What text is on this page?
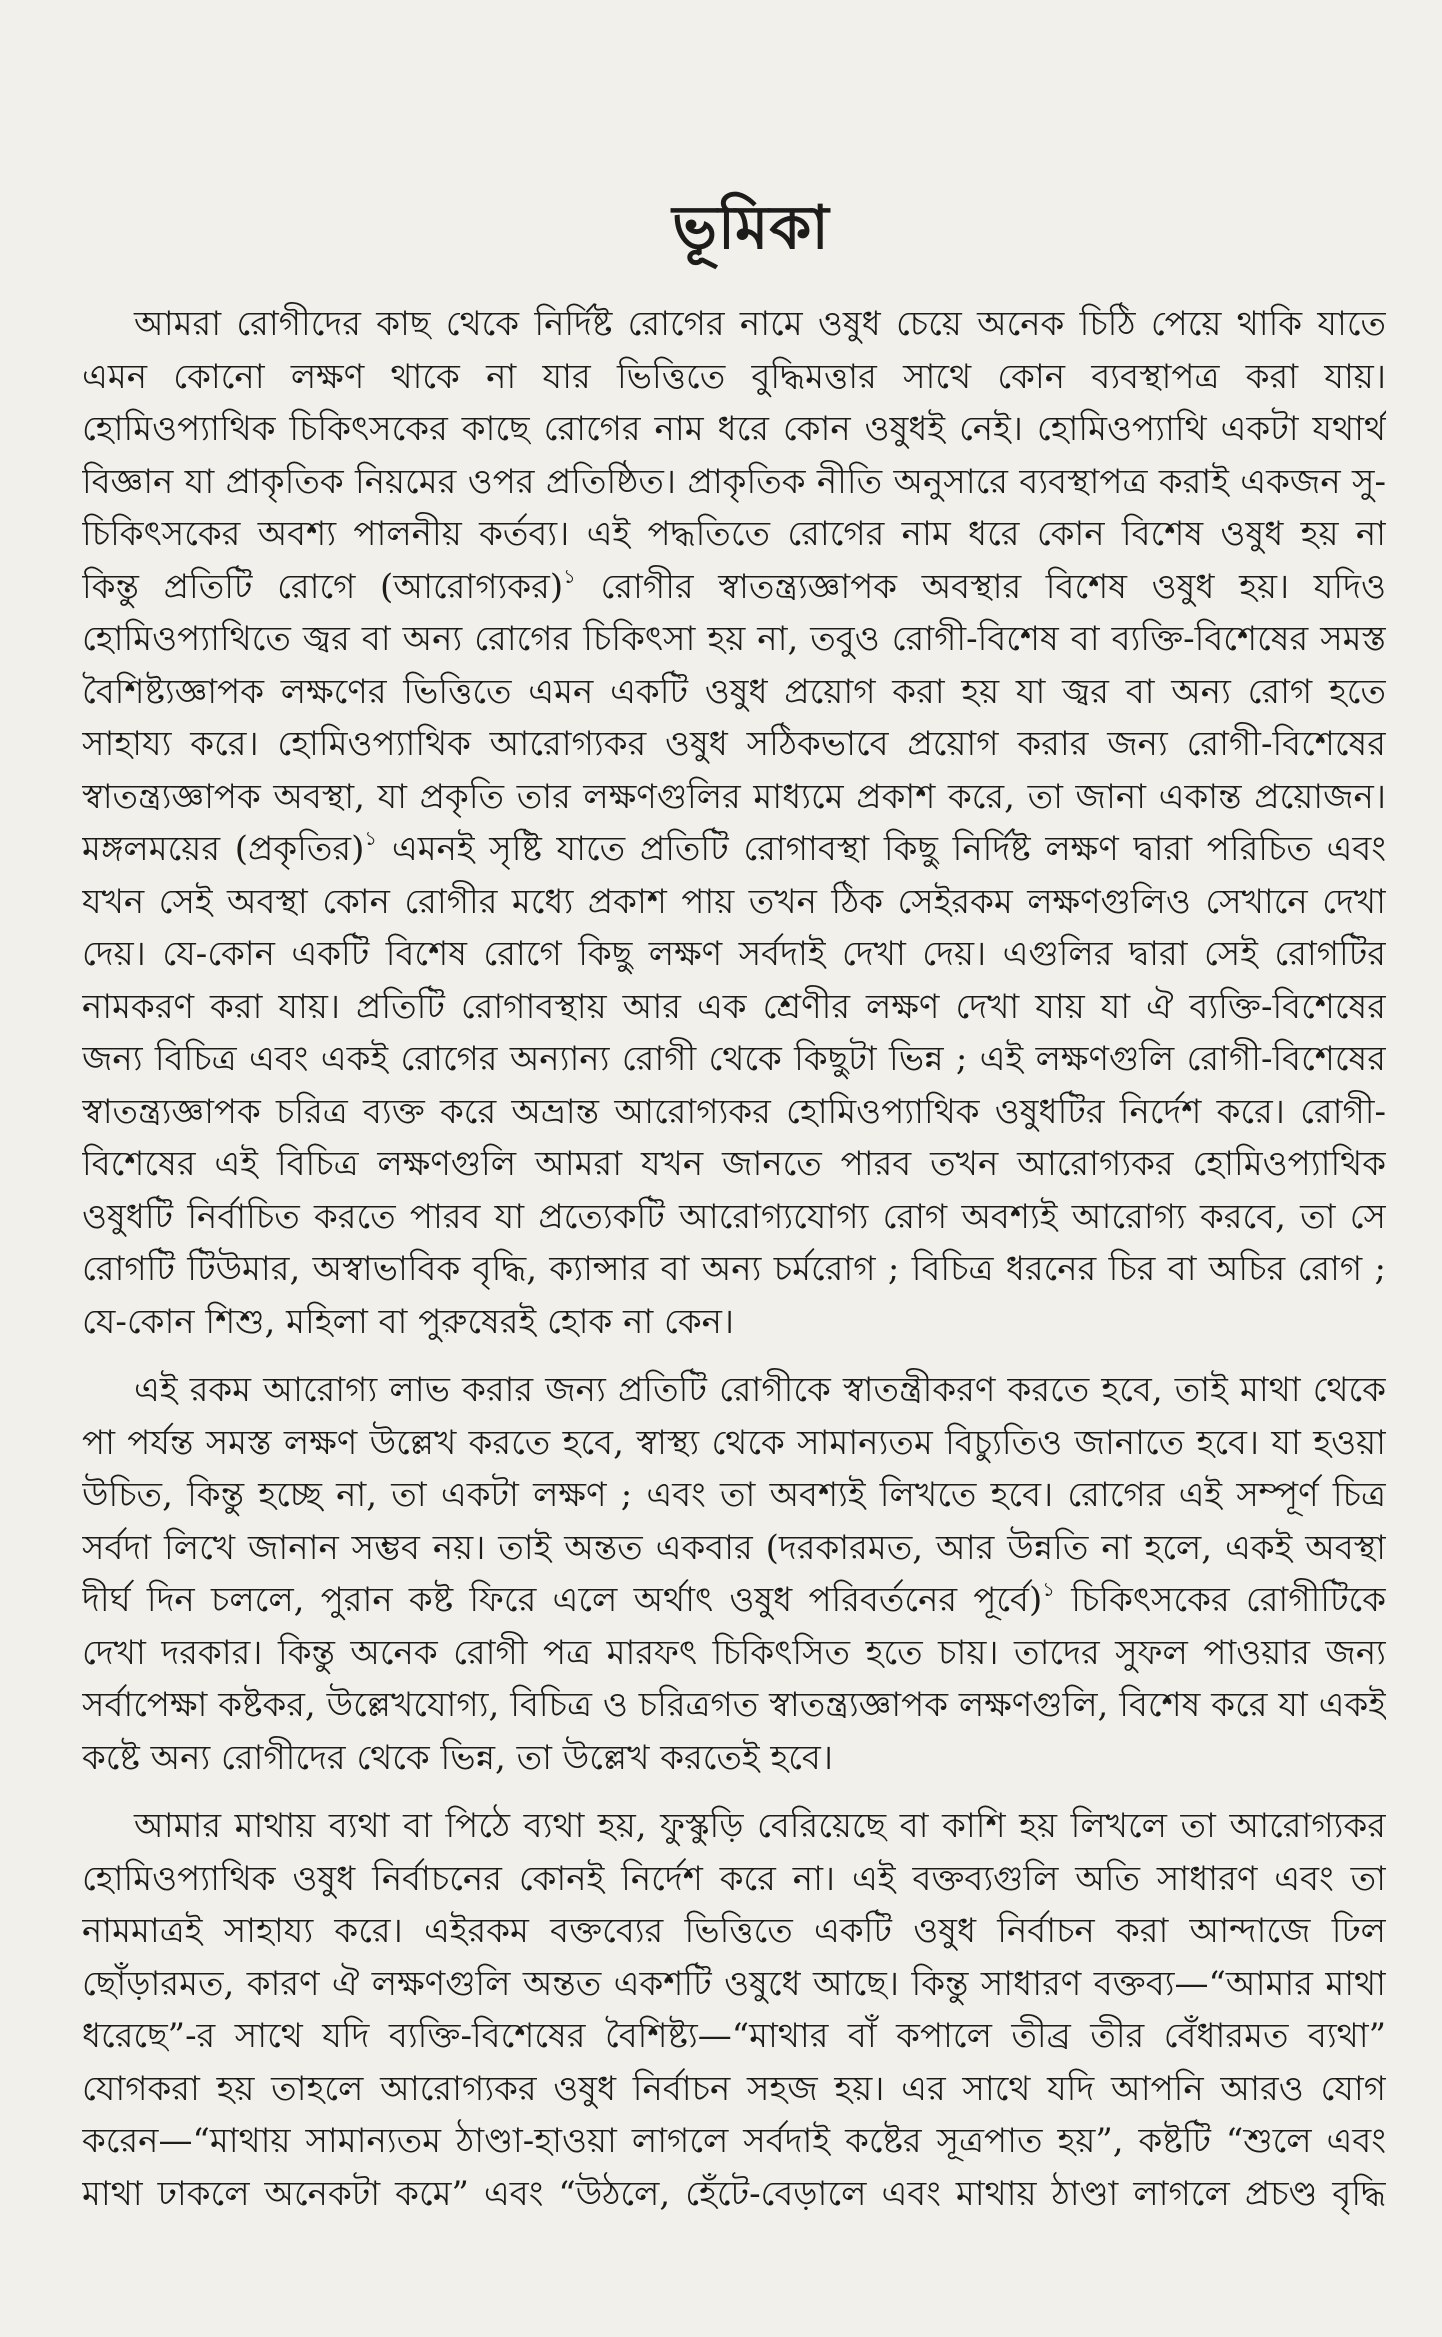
ভূমিকা
আমরা রোগীদের কাছ থেকে নির্দিষ্ট রোগের নামে ওষুধ চেয়ে অনেক চিঠি পেয়ে থাকি যাতে
এমন কোনো লক্ষণ থাকে না যার ভিত্তিতে বুদ্ধিমত্তার সাথে কোন ব্যবস্থাপত্র করা যায়।
হোমিওপ্যাথিক চিকিৎসকের কাছে রোগের নাম ধরে কোন ওষুধই নেই। হোমিওপ্যাথি একটা যথার্থ
বিজ্ঞান যা প্রাকৃতিক নিয়মের ওপর প্রতিষ্ঠিত। প্রাকৃতিক নীতি অনুসারে ব্যবস্থাপত্র করাই একজন সু-
চিকিৎসকের অবশ্য পালনীয় কর্তব্য। এই পদ্ধতিতে রোগের নাম ধরে কোন বিশেষ ওষুধ হয় না
কিন্তু প্রতিটি রোগে (আরোগ্যকর)$^১$ রোগীর স্বাতন্ত্র্যজ্ঞাপক অবস্থার বিশেষ ওষুধ হয়। যদিও
হোমিওপ্যাথিতে জ্বর বা অন্য রোগের চিকিৎসা হয় না, তবুও রোগী-বিশেষ বা ব্যক্তি-বিশেষের সমস্ত
বৈশিষ্ট্যজ্ঞাপক লক্ষণের ভিত্তিতে এমন একটি ওষুধ প্রয়োগ করা হয় যা জ্বর বা অন্য রোগ হতে
সাহায্য করে। হোমিওপ্যাথিক আরোগ্যকর ওষুধ সঠিকভাবে প্রয়োগ করার জন্য রোগী-বিশেষের
স্বাতন্ত্র্যজ্ঞাপক অবস্থা, যা প্রকৃতি তার লক্ষণগুলির মাধ্যমে প্রকাশ করে, তা জানা একান্ত প্রয়োজন।
মঙ্গলময়ের (প্রকৃতির)$^১$ এমনই সৃষ্টি যাতে প্রতিটি রোগাবস্থা কিছু নির্দিষ্ট লক্ষণ দ্বারা পরিচিত এবং
যখন সেই অবস্থা কোন রোগীর মধ্যে প্রকাশ পায় তখন ঠিক সেইরকম লক্ষণগুলিও সেখানে দেখা
দেয়। যে-কোন একটি বিশেষ রোগে কিছু লক্ষণ সর্বদাই দেখা দেয়। এগুলির দ্বারা সেই রোগটির
নামকরণ করা যায়। প্রতিটি রোগাবস্থায় আর এক শ্রেণীর লক্ষণ দেখা যায় যা ঐ ব্যক্তি-বিশেষের
জন্য বিচিত্র এবং একই রোগের অন্যান্য রোগী থেকে কিছুটা ভিন্ন ; এই লক্ষণগুলি রোগী-বিশেষের
স্বাতন্ত্র্যজ্ঞাপক চরিত্র ব্যক্ত করে অভ্রান্ত আরোগ্যকর হোমিওপ্যাথিক ওষুধটির নির্দেশ করে। রোগী-
বিশেষের এই বিচিত্র লক্ষণগুলি আমরা যখন জানতে পারব তখন আরোগ্যকর হোমিওপ্যাথিক
ওষুধটি নির্বাচিত করতে পারব যা প্রত্যেকটি আরোগ্যযোগ্য রোগ অবশ্যই আরোগ্য করবে, তা সে
রোগটি টিউমার, অস্বাভাবিক বৃদ্ধি, ক্যান্সার বা অন্য চর্মরোগ ; বিচিত্র ধরনের চির বা অচির রোগ ;
যে-কোন শিশু, মহিলা বা পুরুষেরই হোক না কেন।
এই রকম আরোগ্য লাভ করার জন্য প্রতিটি রোগীকে স্বাতন্ত্রীকরণ করতে হবে, তাই মাথা থেকে
পা পর্যন্ত সমস্ত লক্ষণ উল্লেখ করতে হবে, স্বাস্থ্য থেকে সামান্যতম বিচ্যুতিও জানাতে হবে। যা হওয়া
উচিত, কিন্তু হচ্ছে না, তা একটা লক্ষণ ; এবং তা অবশ্যই লিখতে হবে। রোগের এই সম্পূর্ণ চিত্র
সর্বদা লিখে জানান সম্ভব নয়। তাই অন্তত একবার (দরকারমত, আর উন্নতি না হলে, একই অবস্থা
দীর্ঘ দিন চললে, পুরান কষ্ট ফিরে এলে অর্থাৎ ওষুধ পরিবর্তনের পূর্বে)$^১$ চিকিৎসকের রোগীটিকে
দেখা দরকার। কিন্তু অনেক রোগী পত্র মারফৎ চিকিৎসিত হতে চায়। তাদের সুফল পাওয়ার জন্য
সর্বাপেক্ষা কষ্টকর, উল্লেখযোগ্য, বিচিত্র ও চরিত্রগত স্বাতন্ত্র্যজ্ঞাপক লক্ষণগুলি, বিশেষ করে যা একই
কষ্টে অন্য রোগীদের থেকে ভিন্ন, তা উল্লেখ করতেই হবে।
আমার মাথায় ব্যথা বা পিঠে ব্যথা হয়, ফুস্কুড়ি বেরিয়েছে বা কাশি হয় লিখলে তা আরোগ্যকর
হোমিওপ্যাথিক ওষুধ নির্বাচনের কোনই নির্দেশ করে না। এই বক্তব্যগুলি অতি সাধারণ এবং তা
নামমাত্রই সাহায্য করে। এইরকম বক্তব্যের ভিত্তিতে একটি ওষুধ নির্বাচন করা আন্দাজে ঢিল
ছোঁড়ারমত, কারণ ঐ লক্ষণগুলি অন্তত একশটি ওষুধে আছে। কিন্তু সাধারণ বক্তব্য—“আমার মাথা
ধরেছে”-র সাথে যদি ব্যক্তি-বিশেষের বৈশিষ্ট্য—“মাথার বাঁ কপালে তীব্র তীর বেঁধারমত ব্যথা”
যোগকরা হয় তাহলে আরোগ্যকর ওষুধ নির্বাচন সহজ হয়। এর সাথে যদি আপনি আরও যোগ
করেন—“মাথায় সামান্যতম ঠাণ্ডা-হাওয়া লাগলে সর্বদাই কষ্টের সূত্রপাত হয়”, কষ্টটি “শুলে এবং
মাথা ঢাকলে অনেকটা কমে” এবং “উঠলে, হেঁটে-বেড়ালে এবং মাথায় ঠাণ্ডা লাগলে প্রচণ্ড বৃদ্ধি
